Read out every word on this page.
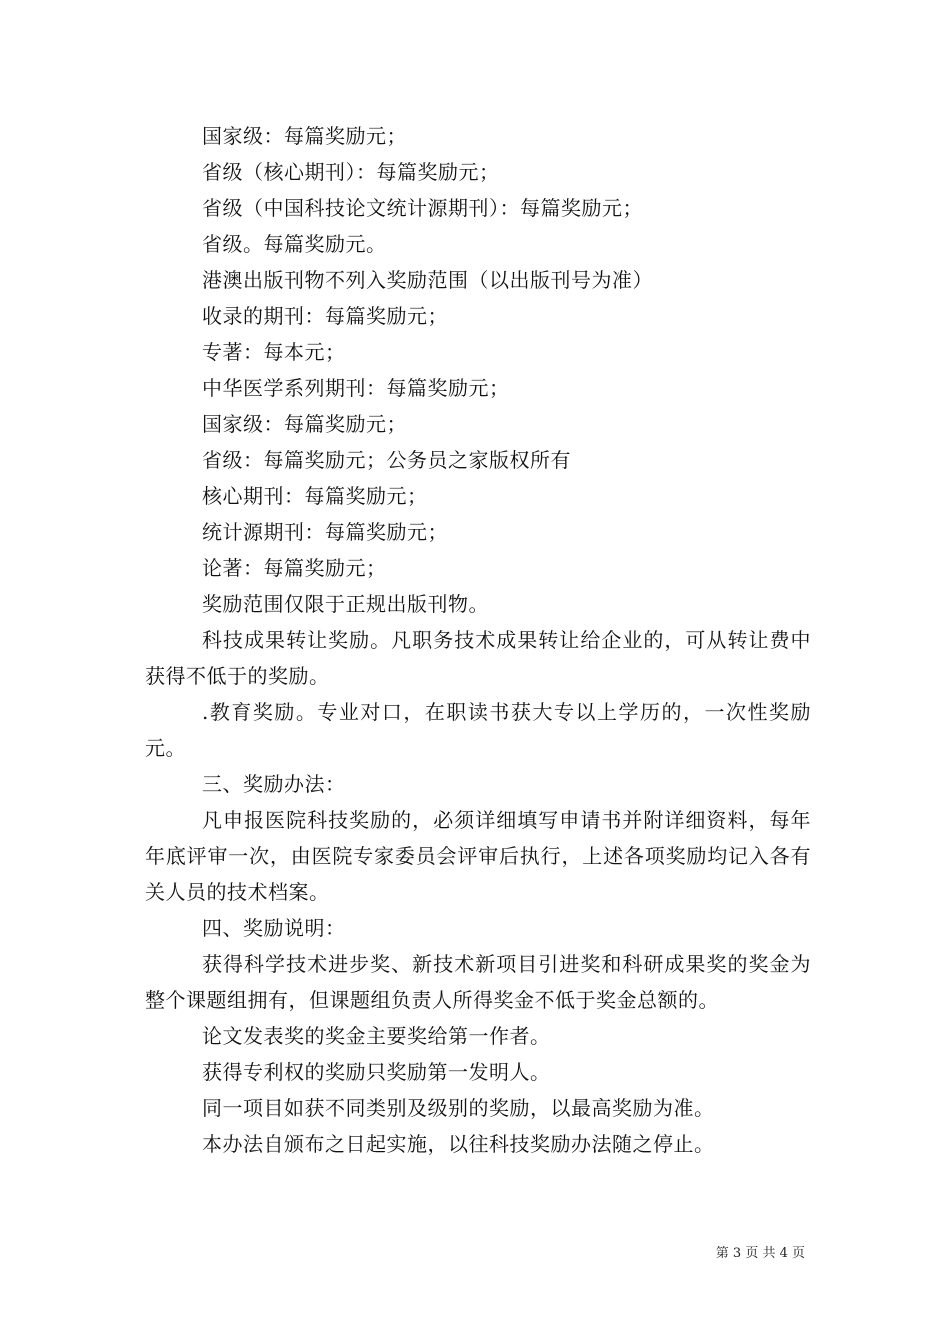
国家级：每篇奖励元；

省级（核心期刊）：每篇奖励元；

省级（中国科技论文统计源期刊）：每篇奖励元；

省级。每篇奖励元。

港澳出版刊物不列入奖励范围（以出版刊号为准）

收录的期刊：每篇奖励元；

专著：每本元；

中华医学系列期刊：每篇奖励元；

国家级：每篇奖励元；

省级：每篇奖励元；公务员之家版权所有

核心期刊：每篇奖励元；

统计源期刊：每篇奖励元；

论著：每篇奖励元；

奖励范围仅限于正规出版刊物。

科技成果转让奖励。凡职务技术成果转让给企业的，可从转让费中获得不低于的奖励。

.教育奖励。专业对口，在职读书获大专以上学历的，一次性奖励元。

三、奖励办法：

凡申报医院科技奖励的，必须详细填写申请书并附详细资料，每年年底评审一次，由医院专家委员会评审后执行，上述各项奖励均记入各有关人员的技术档案。

四、奖励说明：

获得科学技术进步奖、新技术新项目引进奖和科研成果奖的奖金为整个课题组拥有，但课题组负责人所得奖金不低于奖金总额的。

论文发表奖的奖金主要奖给第一作者。

获得专利权的奖励只奖励第一发明人。

同一项目如获不同类别及级别的奖励，以最高奖励为准。

本办法自颁布之日起实施，以往科技奖励办法随之停止。

第 3 页 共 4 页
